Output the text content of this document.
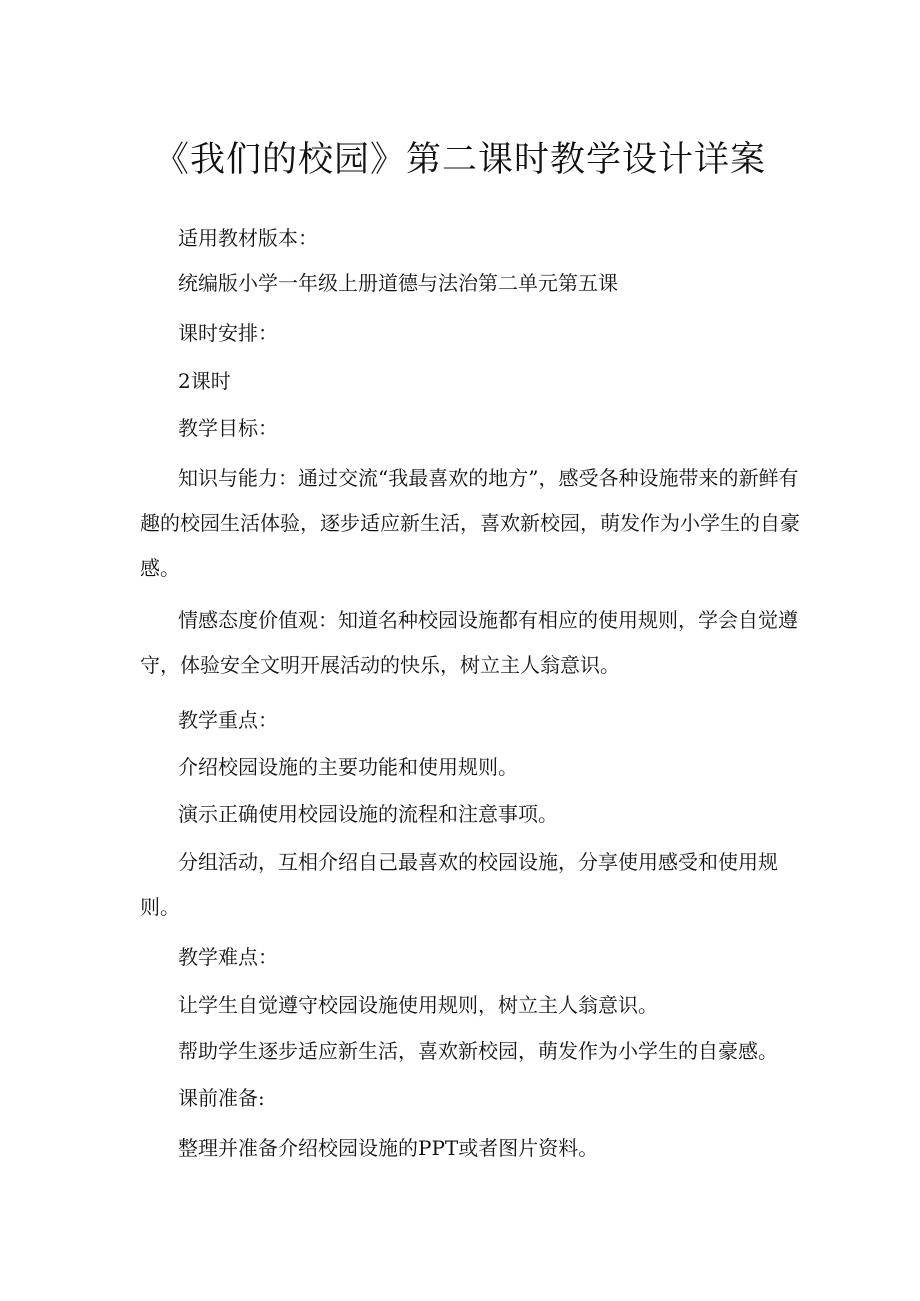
《我们的校园》第二课时教学设计详案

适用教材版本：

统编版小学一年级上册道德与法治第二单元第五课

课时安排：

2课时

教学目标：

知识与能力：通过交流“我最喜欢的地方”，感受各种设施带来的新鲜有趣的校园生活体验，逐步适应新生活，喜欢新校园，萌发作为小学生的自豪感。

情感态度价值观：知道名种校园设施都有相应的使用规则，学会自觉遵守，体验安全文明开展活动的快乐，树立主人翁意识。

教学重点：

介绍校园设施的主要功能和使用规则。

演示正确使用校园设施的流程和注意事项。

分组活动，互相介绍自己最喜欢的校园设施，分享使用感受和使用规则。

教学难点：

让学生自觉遵守校园设施使用规则，树立主人翁意识。

帮助学生逐步适应新生活，喜欢新校园，萌发作为小学生的自豪感。

课前准备:

整理并准备介绍校园设施的PPT或者图片资料。
